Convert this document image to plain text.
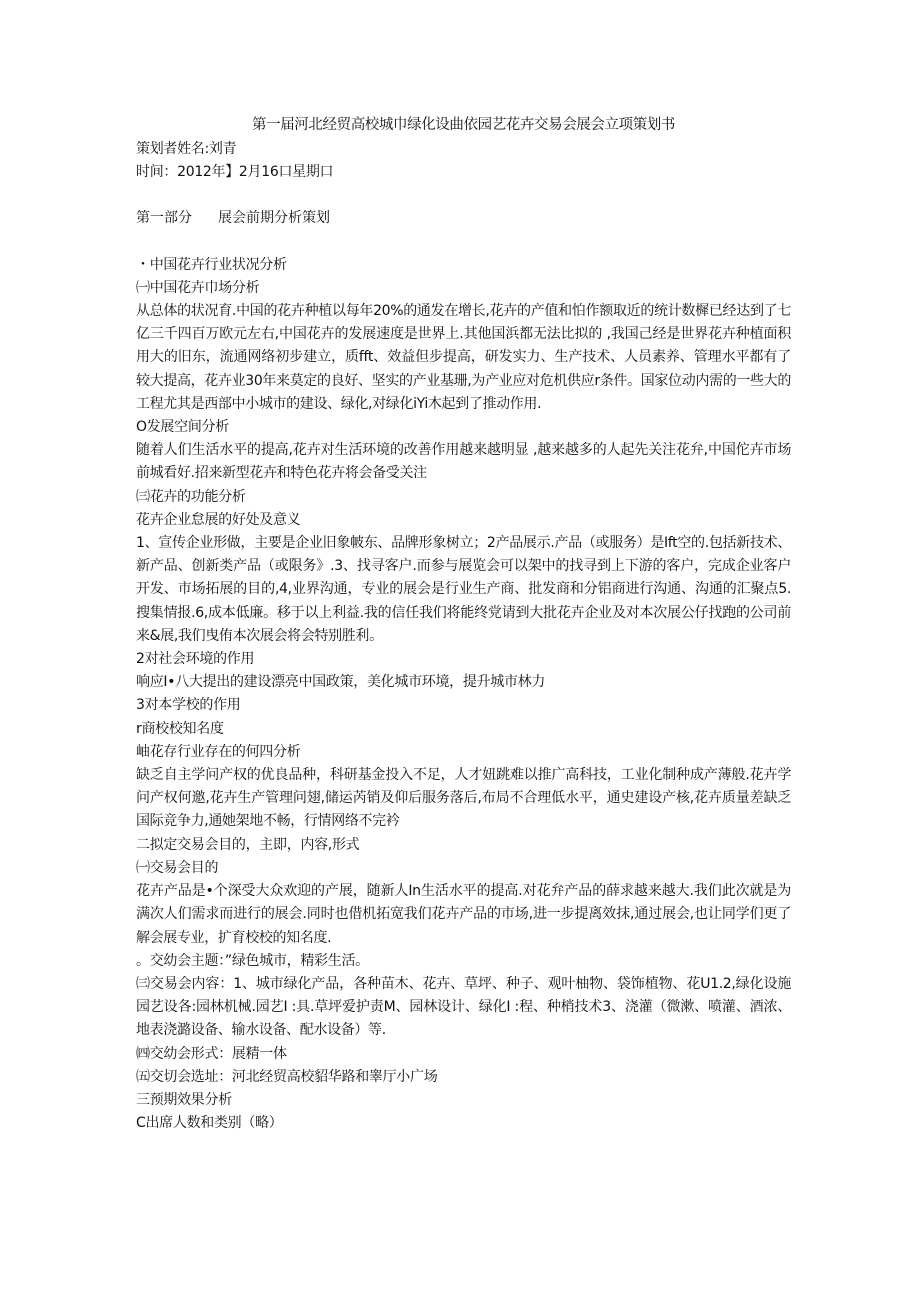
第一届河北经贸高校城巾绿化设曲依园艺花卉交易会展会立项策划书

策划者姓名:刘青

时间：2012年】2月16口星期口

第一部分 展会前期分析策划

・中国花卉行业状况分析

㈠中国花卉巾场分析

从总体的状况育.中国的花卉种植以每年20%的通发在增长,花卉的产值和怕作额取近的统计数樨已经达到了七亿三千四百万欧元左右,中国花卉的发展速度是世界上.其他国浜都无法比拟的 ,我国己经是世界花卉种植面积用大的旧东，流通网络初步建立，质fft、效益但步提高，研发实力、生产技术、人员素养、管理水平都有了较大提高，花卉业30年来莫定的良好、坚实的产业基珊,为产业应对危机供应r条件。国家位动内需的一些大的工程尤其是西部中小城市的建设、绿化,对绿化iYi木起到了推动作用.

O发展空间分析

随着人们生活水平的提高,花卉对生活环境的改善作用越来越明显 ,越来越多的人起先关注花弁,中国佗卉市场前城看好.招来新型花卉和特色花卉将会备受关注

㈢花卉的功能分析

花卉企业怠展的好处及意义

1、宣传企业形做，主要是企业旧象帔东、品牌形象树立；2产品展示.产品（或服务）是Ift空的.包括新技术、新产品、创新类产品（或限务》.3、找寻客户.而参与展览会可以架中的找寻到上下游的客户，完成企业客户开发、市场拓展的目的,4,业界沟通，专业的展会是行业生产商、批发商和分铝商进行沟通、沟通的汇聚点5.搜集情报.6,成本低廉。移于以上利益.我的信任我们将能终党请到大批花卉企业及对本次展公仔找跑的公司前来&展,我们曳侑本次展会将会特别胜利。

2对社会环境的作用

响应I•八大提出的建设漂亮中国政策，美化城市环境，提升城市林力

3对本学校的作用

r商校校知名度

岫花存行业存在的何四分析

缺乏自主学问产权的优良品种，科研基金投入不足，人才妞跳难以推广高科技，工业化制种成产薄般.花卉学问产权何邀,花卉生产管理问翅,储运芮销及仰后服务落后,布局不合理低水平，通史建设产核,花卉质量差缺乏国际竞争力,通她架地不畅，行情网络不完衿

二拟定交易会目的，主即，内容,形式

㈠交易会目的

花卉产品是•个深受大众欢迎的产展，随新人In生活水平的提高.对花弁产品的薛求越来越大.我们此次就是为满次人们需求而进行的展会.同时也借机拓宽我们花卉产品的市场,进一步提离效抹,通过展会,也让同学们更了解会展专业，扩育校校的知名度.

。交幼会主题：”绿色城市，精彩生活。

㈢交易会内容：1、城市绿化产品，各种苗木、花卉、草坪、种子、观叶柚物、袋饰植物、花U1.2,绿化设施园艺设各:园林机械.园艺I :具.草坪爱护责M、园林设计、绿化I :程、种梢技术3、浇灌（微漱、喷灌、酒浓、地表浇潞设备、输水设备、配水设备）等.

㈣交幼会形式：展精一体

㈤交切会选址：河北经贸高校貂华路和睾厅小广场

三预期效果分析

C出席人数和类别（略）
